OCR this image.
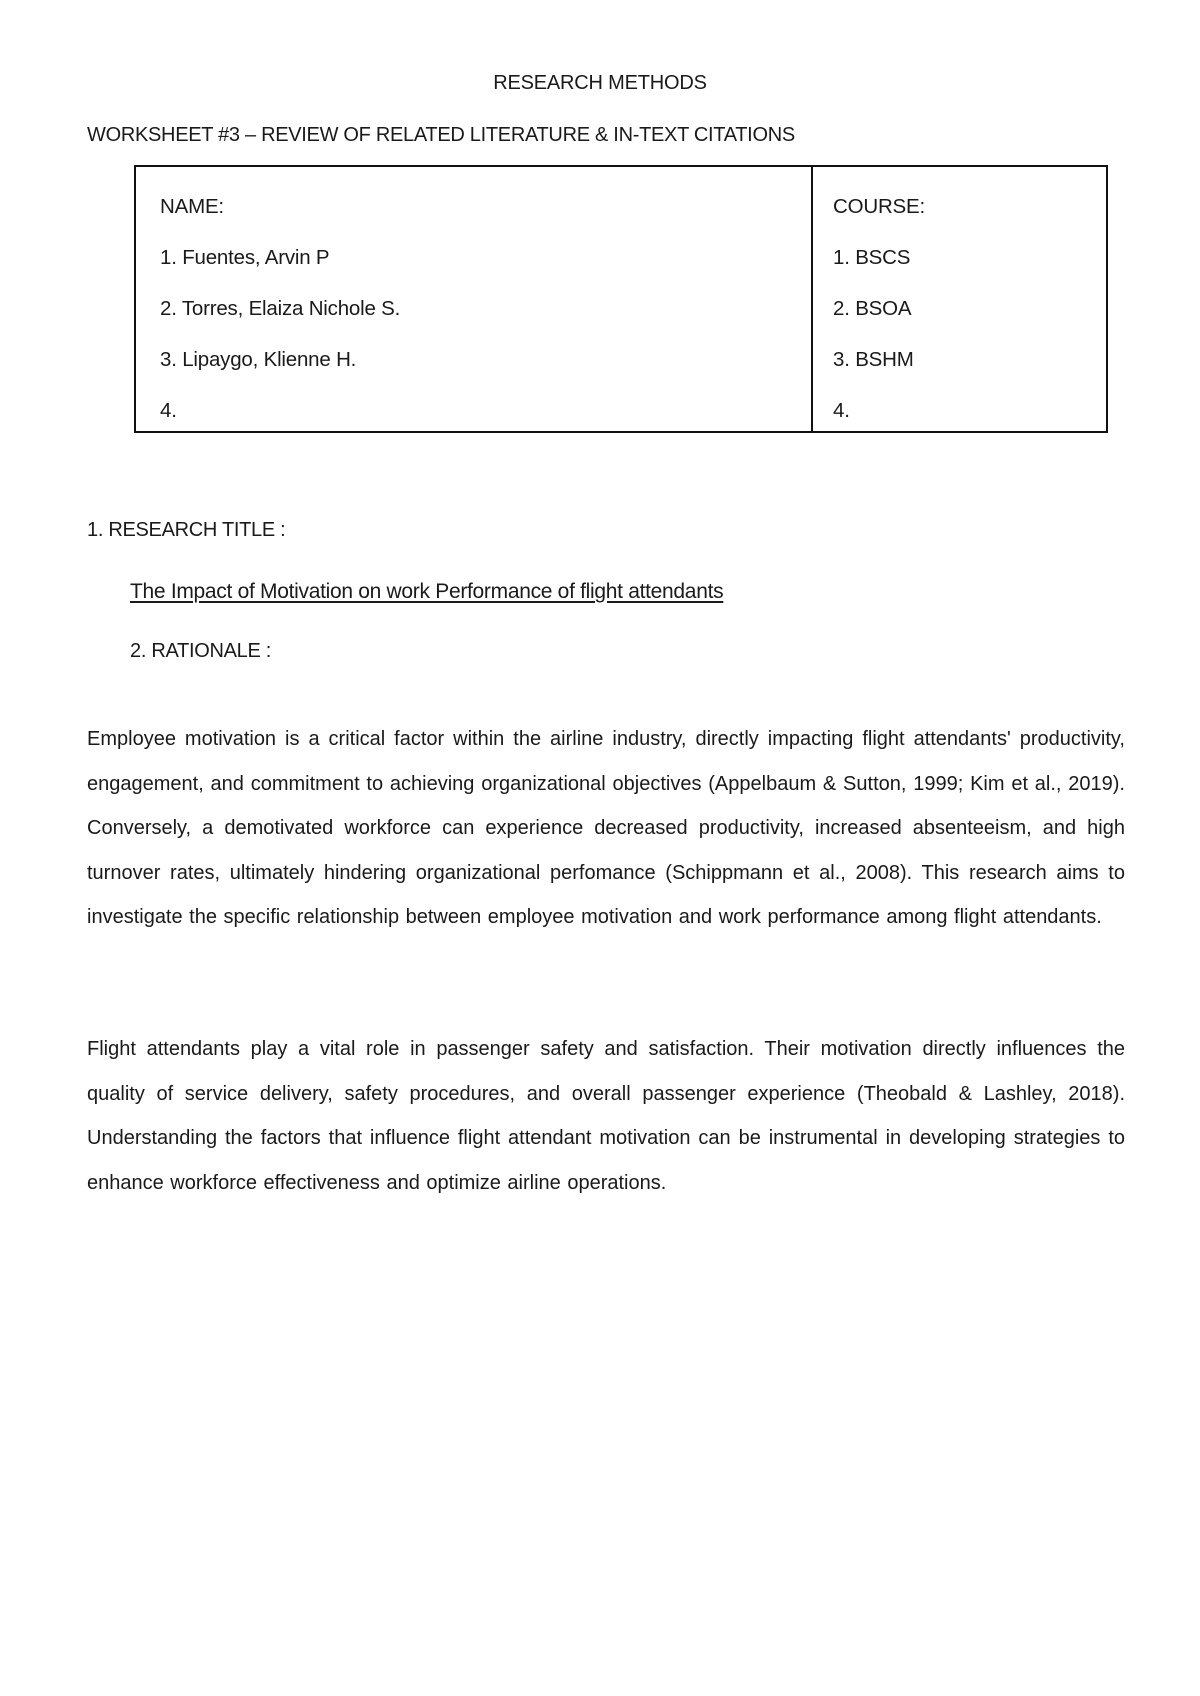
RESEARCH METHODS
WORKSHEET #3 – REVIEW OF RELATED LITERATURE & IN-TEXT CITATIONS
NAME:
1. Fuentes, Arvin P
2. Torres, Elaiza Nichole S.
3. Lipaygo, Klienne H.
4.
COURSE:
1. BSCS
2. BSOA
3. BSHM
4.
1. RESEARCH TITLE :
The Impact of Motivation on work Performance of flight attendants
2. RATIONALE :
Employee motivation is a critical factor within the airline industry, directly impacting flight attendants' productivity, engagement, and commitment to achieving organizational objectives (Appelbaum & Sutton, 1999; Kim et al., 2019). Conversely, a demotivated workforce can experience decreased productivity, increased absenteeism, and high turnover rates, ultimately hindering organizational perfomance (Schippmann et al., 2008). This research aims to investigate the specific relationship between employee motivation and work performance among flight attendants.
Flight attendants play a vital role in passenger safety and satisfaction. Their motivation directly influences the quality of service delivery, safety procedures, and overall passenger experience (Theobald & Lashley, 2018). Understanding the factors that influence flight attendant motivation can be instrumental in developing strategies to enhance workforce effectiveness and optimize airline operations.
